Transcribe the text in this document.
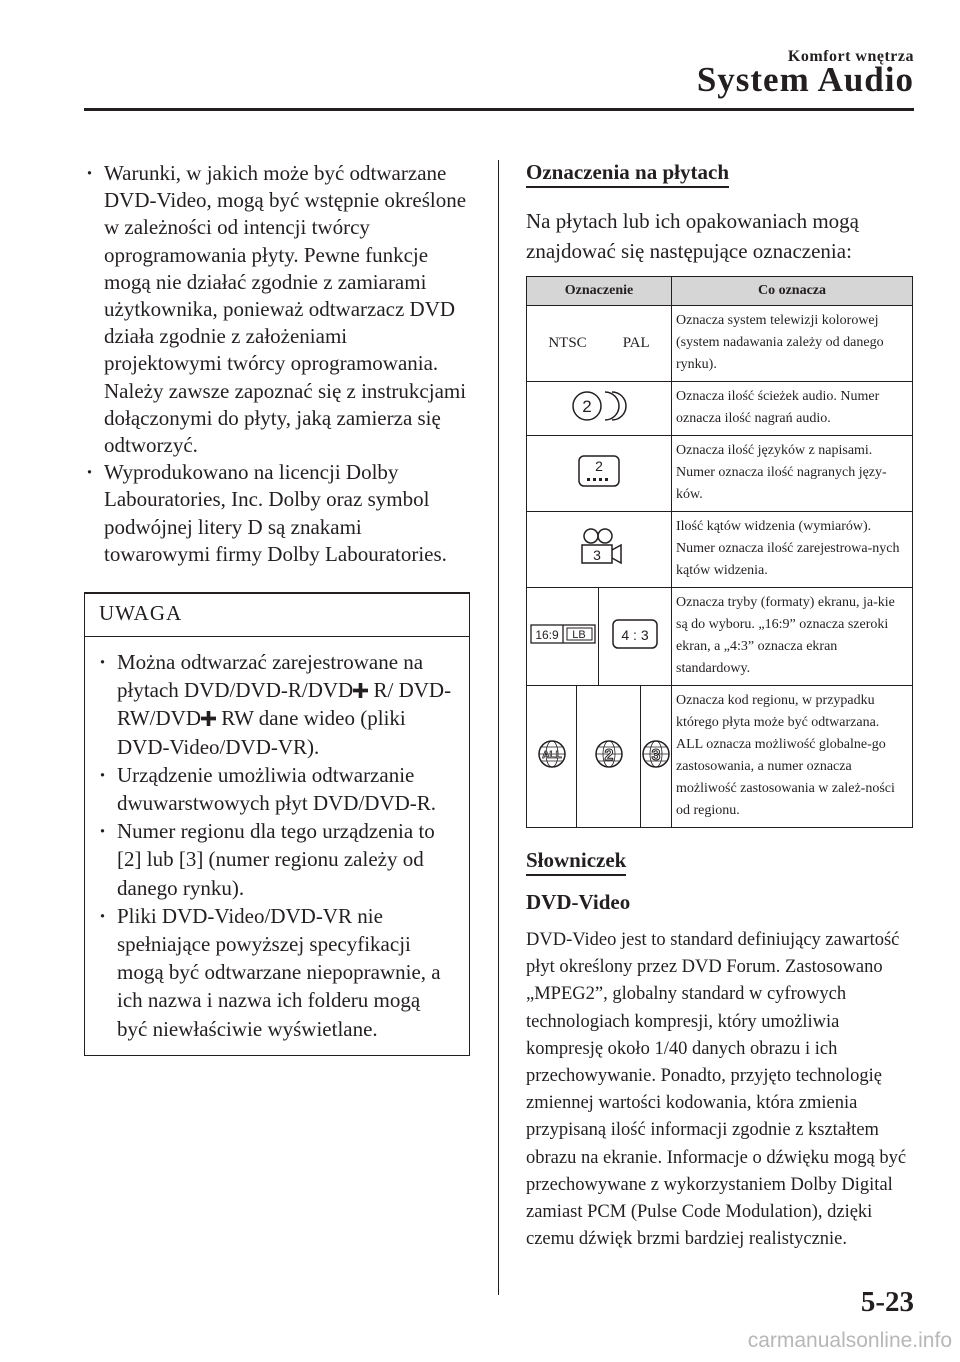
Komfort wnętrza
System Audio
· Warunki, w jakich może być odtwarzane DVD-Video, mogą być wstępnie określone w zależności od intencji twórcy oprogramowania płyty. Pewne funkcje mogą nie działać zgodnie z zamiarami użytkownika, ponieważ odtwarzacz DVD działa zgodnie z założeniami projektowymi twórcy oprogramowania. Należy zawsze zapoznać się z instrukcjami dołączonymi do płyty, jaką zamierza się odtworzyć.
· Wyprodukowano na licencji Dolby Labouratories, Inc. Dolby oraz symbol podwójnej litery D są znakami towarowymi firmy Dolby Labouratories.
UWAGA
· Można odtwarzać zarejestrowane na płytach DVD/DVD-R/DVD R/ DVD-RW/DVD RW dane wideo (pliki DVD-Video/DVD-VR).
· Urządzenie umożliwia odtwarzanie dwuwarstwowych płyt DVD/DVD-R.
· Numer regionu dla tego urządzenia to [2] lub [3] (numer regionu zależy od danego rynku).
· Pliki DVD-Video/DVD-VR nie spełniające powyższej specyfikacji mogą być odtwarzane niepoprawnie, a ich nazwa i nazwa ich folderu mogą być niewłaściwie wyświetlane.
Oznaczenia na płytach
Na płytach lub ich opakowaniach mogą znajdować się następujące oznaczenia:
Oznaczenie				Co oznacza
NTSC PAL				Oznacza system telewizji kolorowej (system nadawania zależy od danego rynku).

2				Oznacza ilość ścieżek audio. Numer oznacza ilość nagrań audio.

2				Oznacza ilość języków z napisami. Numer oznacza ilość nagranych języ-ków.

3				Ilość kątów widzenia (wymiarów). Numer oznacza ilość zarejestrowa-nych kątów widzenia.

16:9 LB		4 : 3		Oznacza tryby (formaty) ekranu, ja-kie są do wyboru. „16:9” oznacza szeroki ekran, a „4:3” oznacza ekran standardowy.

ALL	2		3	Oznacza kod regionu, w przypadku którego płyta może być odtwarzana. ALL oznacza możliwość globalne-go zastosowania, a numer oznacza możliwość zastosowania w zależ-ności od regionu.
Słowniczek
DVD-Video
DVD-Video jest to standard definiujący zawartość płyt określony przez DVD Forum. Zastosowano „MPEG2”, globalny standard w cyfrowych technologiach kompresji, który umożliwia kompresję około 1/40 danych obrazu i ich przechowywanie. Ponadto, przyjęto technologię zmiennej wartości kodowania, która zmienia przypisaną ilość informacji zgodnie z kształtem obrazu na ekranie. Informacje o dźwięku mogą być przechowywane z wykorzystaniem Dolby Digital zamiast PCM (Pulse Code Modulation), dzięki czemu dźwięk brzmi bardziej realistycznie.
5-23
carmanualsonline.info
